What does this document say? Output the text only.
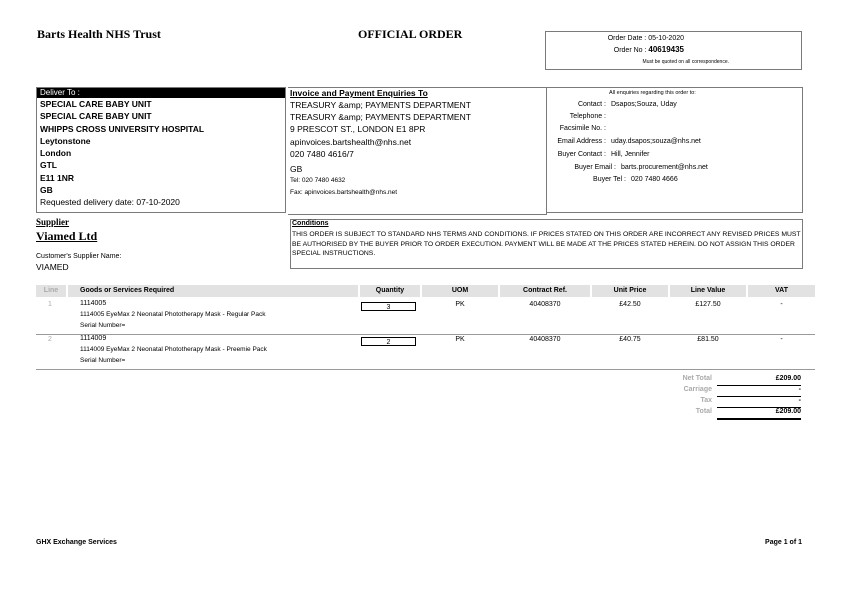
Barts Health NHS Trust	OFFICIAL ORDER	Order Date : 05-10-2020
Order No : 40619435
Must be quoted on all correspondence.
Deliver To :
SPECIAL CARE BABY UNIT
SPECIAL CARE BABY UNIT
WHIPPS CROSS UNIVERSITY HOSPITAL
Leytonstone
London
GTL
E11 1NR
GB
Requested delivery date: 07-10-2020
Invoice and Payment Enquiries To
TREASURY &amp; PAYMENTS DEPARTMENT
TREASURY &amp; PAYMENTS DEPARTMENT
9 PRESCOT ST., LONDON E1 8PR
apinvoices.bartshealth@nhs.net
020 7480 4616/7
GB
Tel: 020 7480 4632
Fax: apinvoices.bartshealth@nhs.net
All enquiries regarding this order to:
Contact : Dsapos;Souza, Uday
Telephone :
Facsimile No. :
Email Address : uday.dsapos;souza@nhs.net
Buyer Contact : Hill, Jennifer
Buyer Email : barts.procurement@nhs.net
Buyer Tel : 020 7480 4666
Supplier
Viamed Ltd
Customer's Supplier Name:
VIAMED
Conditions
THIS ORDER IS SUBJECT TO STANDARD NHS TERMS AND CONDITIONS. IF PRICES STATED ON THIS ORDER ARE INCORRECT ANY REVISED PRICES MUST BE AUTHORISED BY THE BUYER PRIOR TO ORDER EXECUTION. PAYMENT WILL BE MADE AT THE PRICES STATED HEREIN. DO NOT ASSIGN THIS ORDER SPECIAL INSTRUCTIONS.
Line	Goods or Services Required	Quantity	UOM	Contract Ref.	Unit Price	Line Value	VAT
1	1114005
1114005 EyeMax 2 Neonatal Phototherapy Mask - Regular Pack
Serial Number=
3	PK	40408370	£42.50	£127.50	-
2	1114009
1114009 EyeMax 2 Neonatal Phototherapy Mask - Preemie Pack
Serial Number=
2	PK	40408370	£40.75	£81.50	-
Net Total	£209.00
Carriage	-
Tax	-
Total	£209.00
GHX Exchange Services	Page 1 of 1
